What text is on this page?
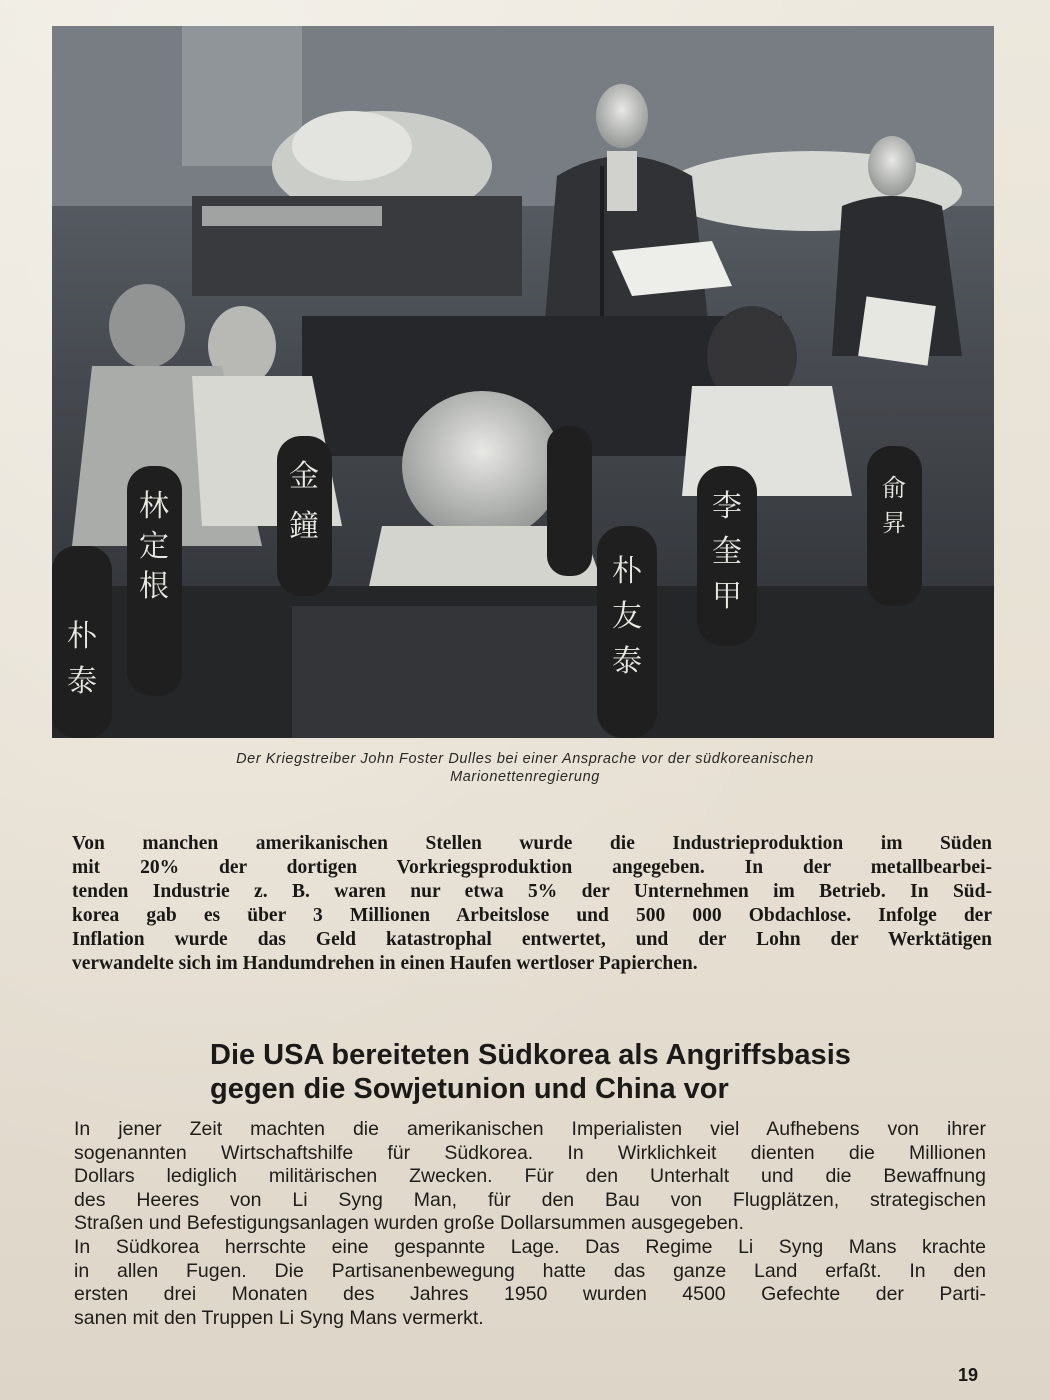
林
定
根
金
鐘
朴
友
泰
李
奎
甲
俞
昇
朴
泰
Der Kriegstreiber John Foster Dulles bei einer Ansprache vor der südkoreanischen
Marionettenregierung
Von manchen amerikanischen Stellen wurde die Industrieproduktion im Süden
mit 20% der dortigen Vorkriegsproduktion angegeben. In der metallbearbei-
tenden Industrie z. B. waren nur etwa 5% der Unternehmen im Betrieb. In Süd-
korea gab es über 3 Millionen Arbeitslose und 500 000 Obdachlose. Infolge der
Inflation wurde das Geld katastrophal entwertet, und der Lohn der Werktätigen
verwandelte sich im Handumdrehen in einen Haufen wertloser Papierchen.
Die USA bereiteten Südkorea als Angriffsbasis
gegen die Sowjetunion und China vor
In jener Zeit machten die amerikanischen Imperialisten viel Aufhebens von ihrer
sogenannten Wirtschaftshilfe für Südkorea. In Wirklichkeit dienten die Millionen
Dollars lediglich militärischen Zwecken. Für den Unterhalt und die Bewaffnung
des Heeres von Li Syng Man, für den Bau von Flugplätzen, strategischen
Straßen und Befestigungsanlagen wurden große Dollarsummen ausgegeben.
In Südkorea herrschte eine gespannte Lage. Das Regime Li Syng Mans krachte
in allen Fugen. Die Partisanenbewegung hatte das ganze Land erfaßt. In den
ersten drei Monaten des Jahres 1950 wurden 4500 Gefechte der Parti-
sanen mit den Truppen Li Syng Mans vermerkt.
19
